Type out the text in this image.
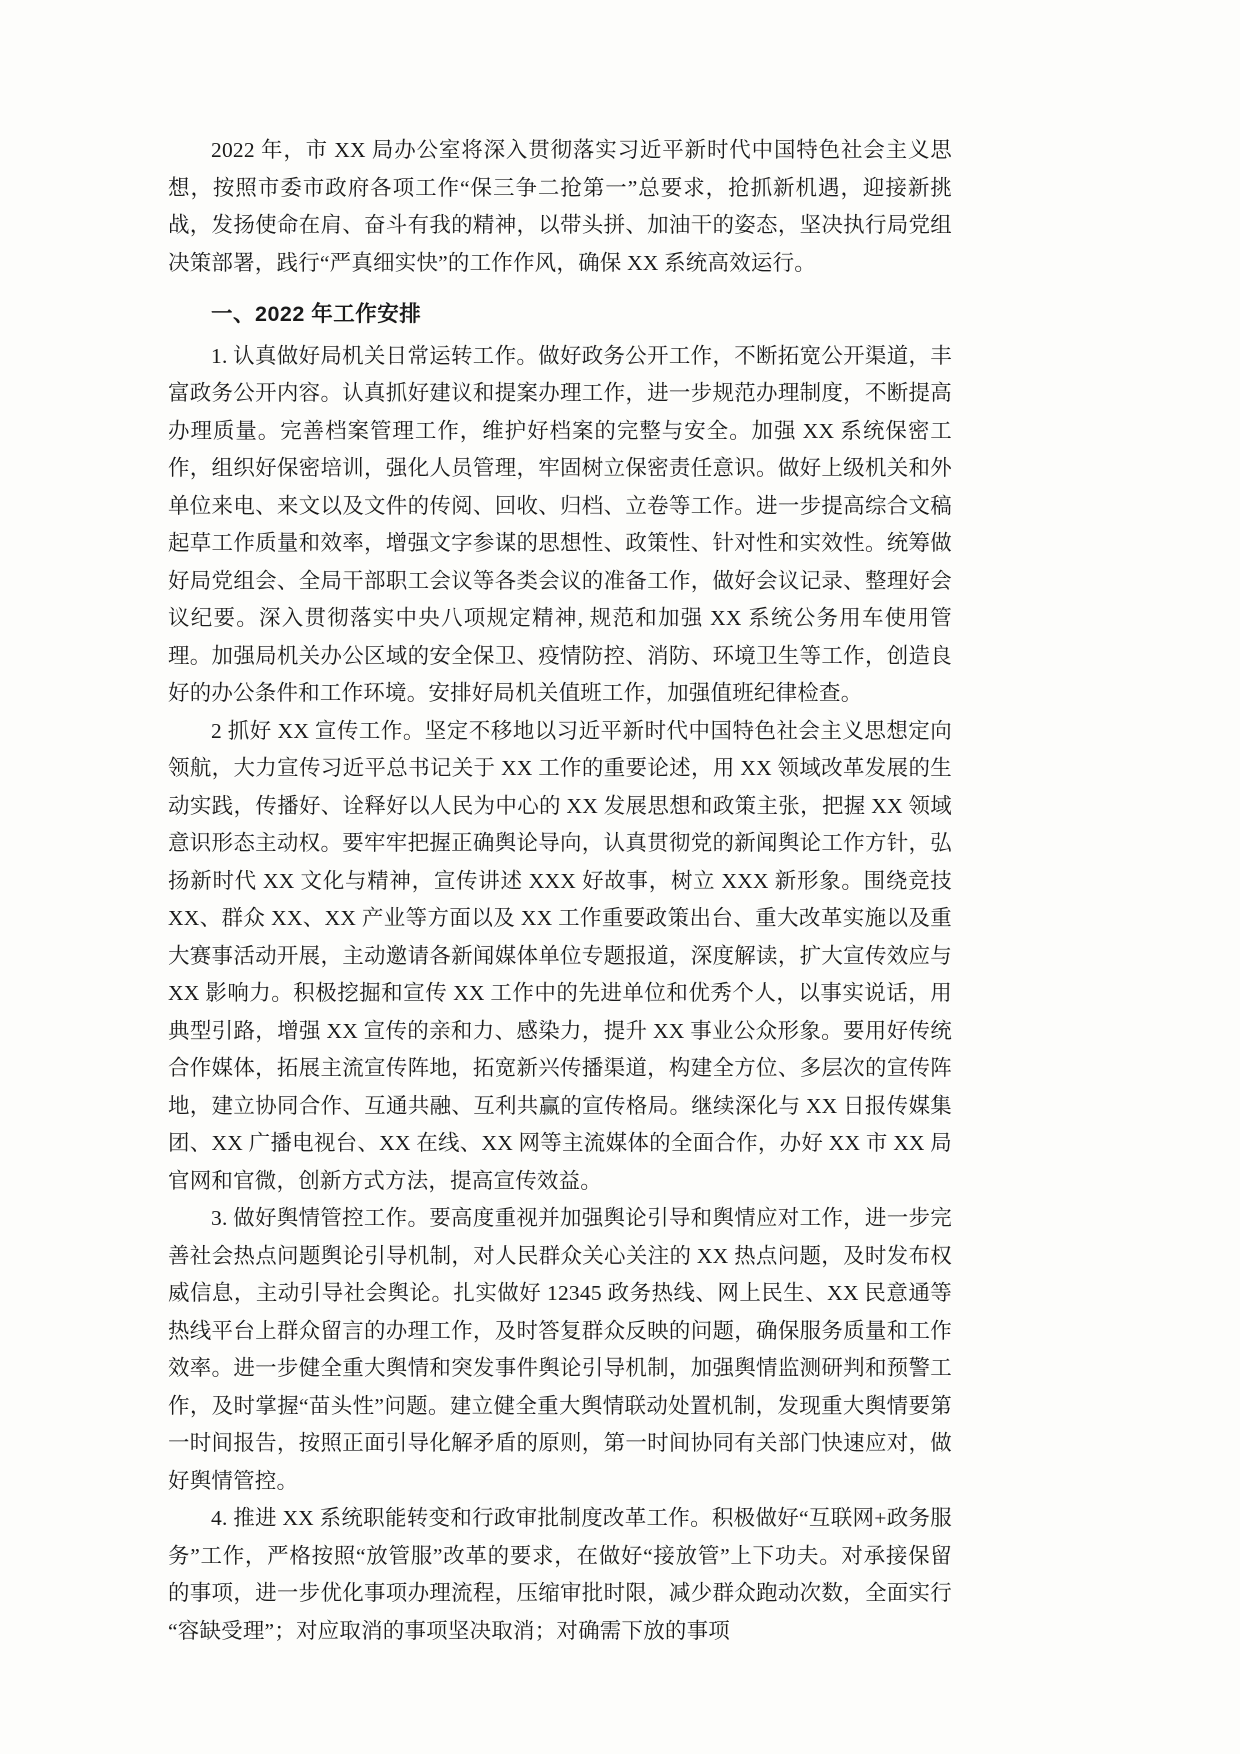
2022 年，市 XX 局办公室将深入贯彻落实习近平新时代中国特色社会主义思想，按照市委市政府各项工作“保三争二抢第一”总要求，抢抓新机遇，迎接新挑战，发扬使命在肩、奋斗有我的精神，以带头拼、加油干的姿态，坚决执行局党组决策部署，践行“严真细实快”的工作作风，确保 XX 系统高效运行。

一、2022 年工作安排

1. 认真做好局机关日常运转工作。做好政务公开工作，不断拓宽公开渠道，丰富政务公开内容。认真抓好建议和提案办理工作，进一步规范办理制度，不断提高办理质量。完善档案管理工作，维护好档案的完整与安全。加强 XX 系统保密工作，组织好保密培训，强化人员管理，牢固树立保密责任意识。做好上级机关和外单位来电、来文以及文件的传阅、回收、归档、立卷等工作。进一步提高综合文稿起草工作质量和效率，增强文字参谋的思想性、政策性、针对性和实效性。统筹做好局党组会、全局干部职工会议等各类会议的准备工作，做好会议记录、整理好会议纪要。深入贯彻落实中央八项规定精神, 规范和加强 XX 系统公务用车使用管理。加强局机关办公区域的安全保卫、疫情防控、消防、环境卫生等工作，创造良好的办公条件和工作环境。安排好局机关值班工作，加强值班纪律检查。

2 抓好 XX 宣传工作。坚定不移地以习近平新时代中国特色社会主义思想定向领航，大力宣传习近平总书记关于 XX 工作的重要论述，用 XX 领域改革发展的生动实践，传播好、诠释好以人民为中心的 XX 发展思想和政策主张，把握 XX 领域意识形态主动权。要牢牢把握正确舆论导向，认真贯彻党的新闻舆论工作方针，弘扬新时代 XX 文化与精神，宣传讲述 XXX 好故事，树立 XXX 新形象。围绕竞技 XX、群众 XX、XX 产业等方面以及 XX 工作重要政策出台、重大改革实施以及重大赛事活动开展，主动邀请各新闻媒体单位专题报道，深度解读，扩大宣传效应与 XX 影响力。积极挖掘和宣传 XX 工作中的先进单位和优秀个人，以事实说话，用典型引路，增强 XX 宣传的亲和力、感染力，提升 XX 事业公众形象。要用好传统合作媒体，拓展主流宣传阵地，拓宽新兴传播渠道，构建全方位、多层次的宣传阵地，建立协同合作、互通共融、互利共赢的宣传格局。继续深化与 XX 日报传媒集团、XX 广播电视台、XX 在线、XX 网等主流媒体的全面合作，办好 XX 市 XX 局官网和官微，创新方式方法，提高宣传效益。

3. 做好舆情管控工作。要高度重视并加强舆论引导和舆情应对工作，进一步完善社会热点问题舆论引导机制，对人民群众关心关注的 XX 热点问题，及时发布权威信息，主动引导社会舆论。扎实做好 12345 政务热线、网上民生、XX 民意通等热线平台上群众留言的办理工作，及时答复群众反映的问题，确保服务质量和工作效率。进一步健全重大舆情和突发事件舆论引导机制，加强舆情监测研判和预警工作，及时掌握“苗头性”问题。建立健全重大舆情联动处置机制，发现重大舆情要第一时间报告，按照正面引导化解矛盾的原则，第一时间协同有关部门快速应对，做好舆情管控。

4. 推进 XX 系统职能转变和行政审批制度改革工作。积极做好“互联网+政务服务”工作，严格按照“放管服”改革的要求，在做好“接放管”上下功夫。对承接保留的事项，进一步优化事项办理流程，压缩审批时限，减少群众跑动次数，全面实行“容缺受理”；对应取消的事项坚决取消；对确需下放的事项
